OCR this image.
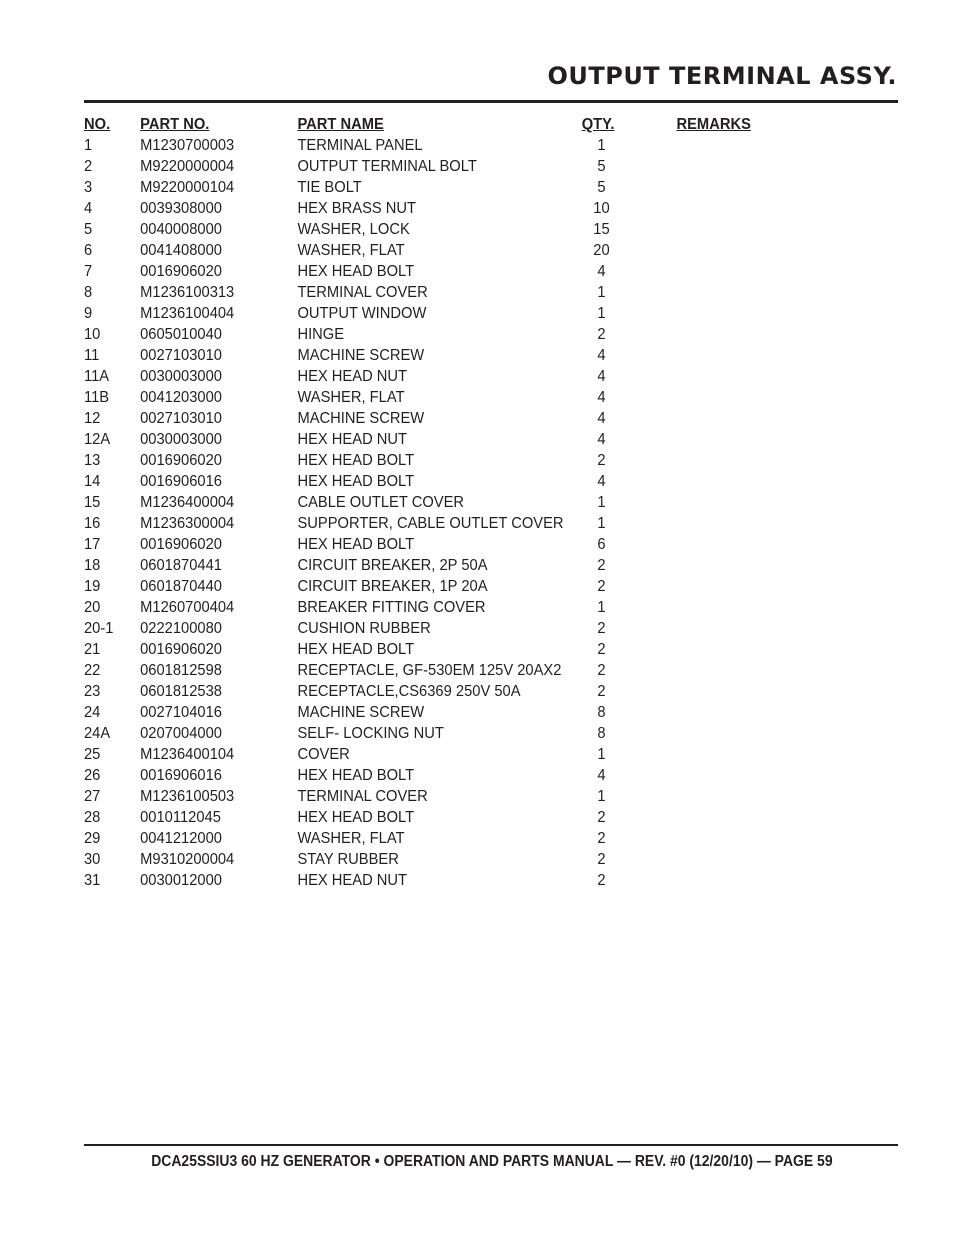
OUTPUT TERMINAL ASSY.
NO.	PART NO.	PART NAME	QTY.	REMARKS
1	M1230700003	TERMINAL PANEL	1	
2	M9220000004	OUTPUT TERMINAL BOLT	5	
3	M9220000104	TIE BOLT	5	
4	0039308000	HEX BRASS NUT	10	
5	0040008000	WASHER, LOCK	15	
6	0041408000	WASHER, FLAT	20	
7	0016906020	HEX HEAD BOLT	4	
8	M1236100313	TERMINAL COVER	1	
9	M1236100404	OUTPUT WINDOW	1	
10	0605010040	HINGE	2	
11	0027103010	MACHINE SCREW	4	
11A	0030003000	HEX HEAD NUT	4	
11B	0041203000	WASHER, FLAT	4	
12	0027103010	MACHINE SCREW	4	
12A	0030003000	HEX HEAD NUT	4	
13	0016906020	HEX HEAD BOLT	2	
14	0016906016	HEX HEAD BOLT	4	
15	M1236400004	CABLE OUTLET COVER	1	
16	M1236300004	SUPPORTER, CABLE OUTLET COVER	1	
17	0016906020	HEX HEAD BOLT	6	
18	0601870441	CIRCUIT BREAKER, 2P 50A	2	
19	0601870440	CIRCUIT BREAKER, 1P 20A	2	
20	M1260700404	BREAKER FITTING COVER	1	
20-1	0222100080	CUSHION RUBBER	2	
21	0016906020	HEX HEAD BOLT	2	
22	0601812598	RECEPTACLE, GF-530EM 125V 20AX2	2	
23	0601812538	RECEPTACLE,CS6369 250V 50A	2	
24	0027104016	MACHINE SCREW	8	
24A	0207004000	SELF- LOCKING NUT	8	
25	M1236400104	COVER	1	
26	0016906016	HEX HEAD BOLT	4	
27	M1236100503	TERMINAL COVER	1	
28	0010112045	HEX HEAD BOLT	2	
29	0041212000	WASHER, FLAT	2	
30	M9310200004	STAY RUBBER	2	
31	0030012000	HEX HEAD NUT	2	
DCA25SSIU3 60 HZ GENERATOR • OPERATION AND PARTS MANUAL — REV. #0 (12/20/10) — PAGE 59
